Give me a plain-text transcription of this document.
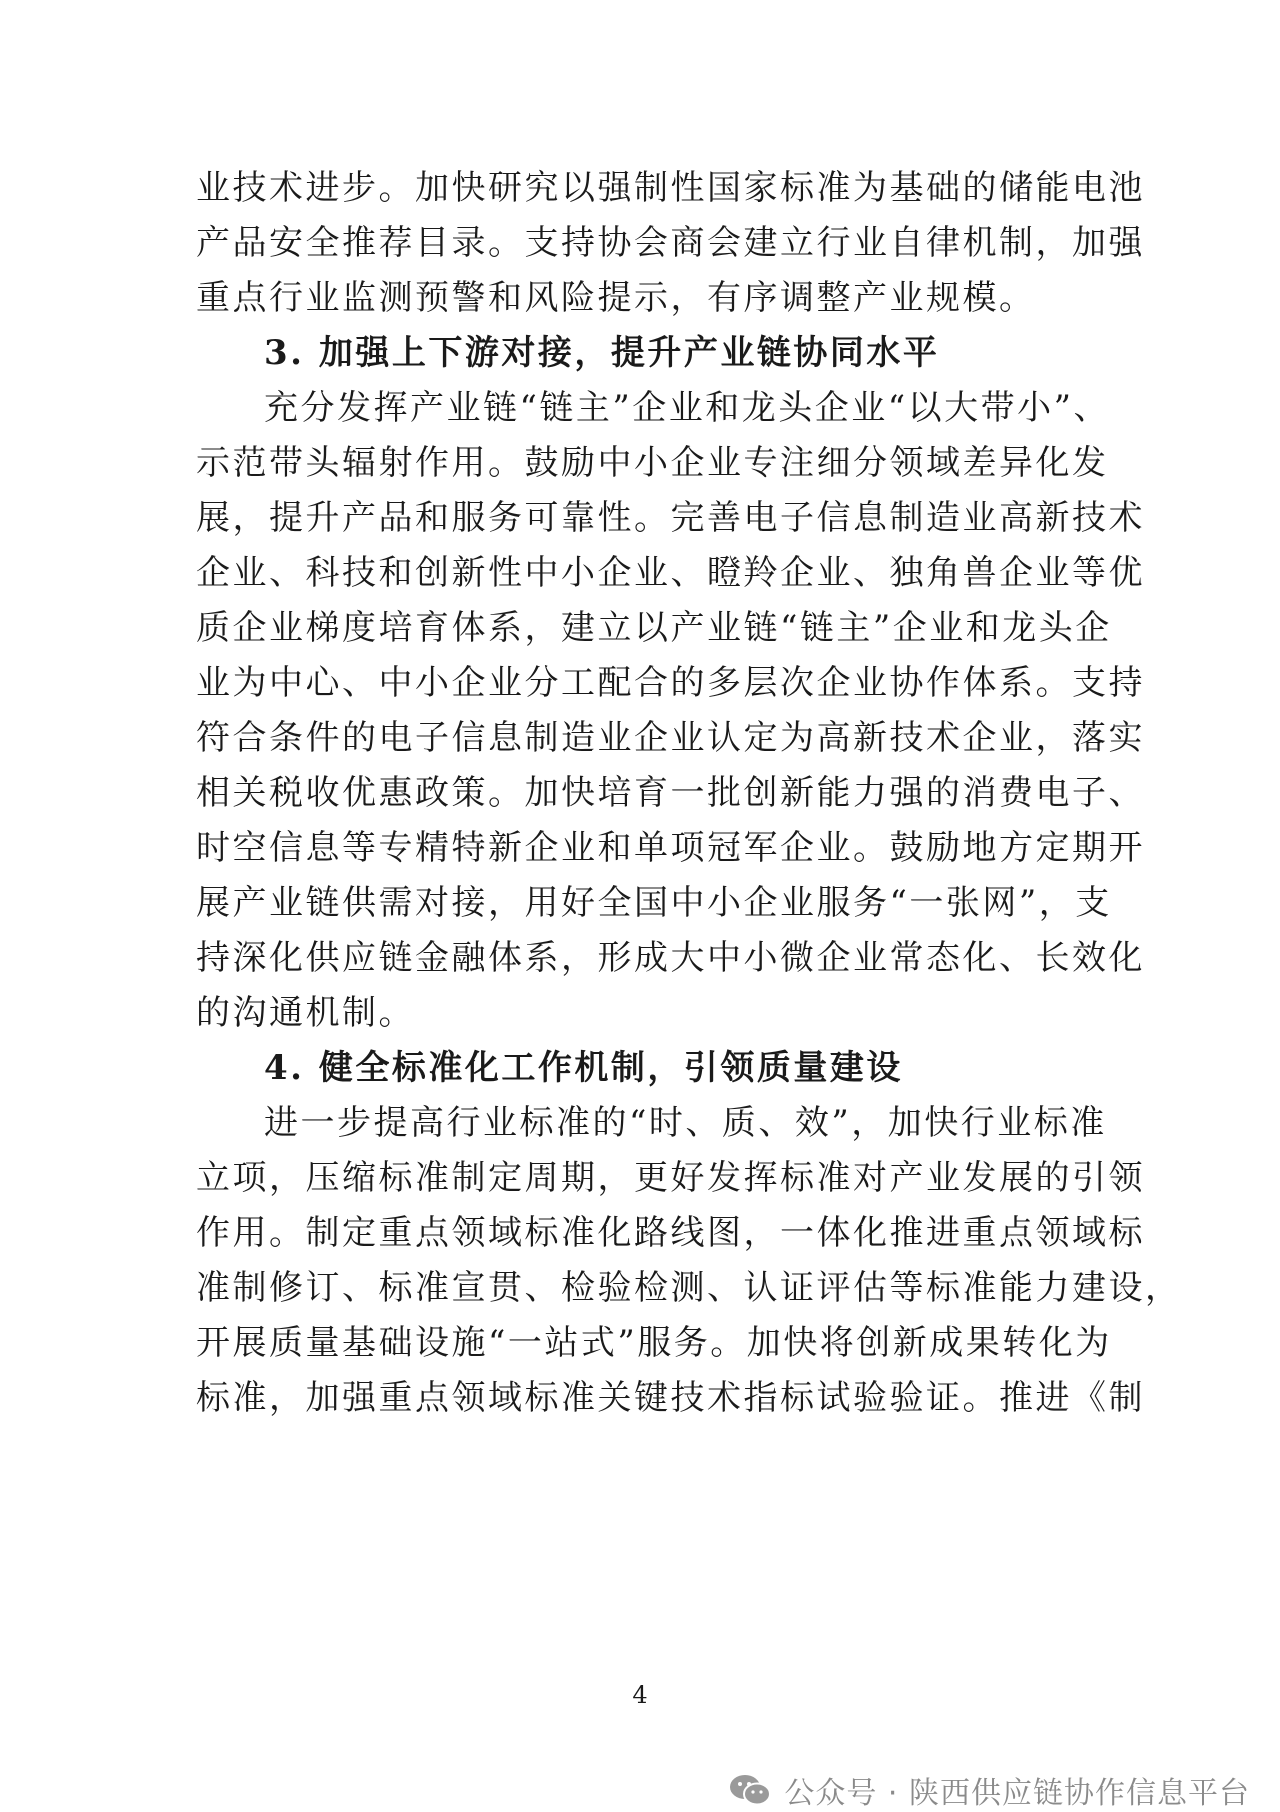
业技术进步。加快研究以强制性国家标准为基础的储能电池
产品安全推荐目录。支持协会商会建立行业自律机制，加强
重点行业监测预警和风险提示，有序调整产业规模。
3. 加强上下游对接，提升产业链协同水平
充分发挥产业链“链主”企业和龙头企业“以大带小”、
示范带头辐射作用。鼓励中小企业专注细分领域差异化发
展，提升产品和服务可靠性。完善电子信息制造业高新技术
企业、科技和创新性中小企业、瞪羚企业、独角兽企业等优
质企业梯度培育体系，建立以产业链“链主”企业和龙头企
业为中心、中小企业分工配合的多层次企业协作体系。支持
符合条件的电子信息制造业企业认定为高新技术企业，落实
相关税收优惠政策。加快培育一批创新能力强的消费电子、
时空信息等专精特新企业和单项冠军企业。鼓励地方定期开
展产业链供需对接，用好全国中小企业服务“一张网”，支
持深化供应链金融体系，形成大中小微企业常态化、长效化
的沟通机制。
4. 健全标准化工作机制，引领质量建设
进一步提高行业标准的“时、质、效”，加快行业标准
立项，压缩标准制定周期，更好发挥标准对产业发展的引领
作用。制定重点领域标准化路线图，一体化推进重点领域标
准制修订、标准宣贯、检验检测、认证评估等标准能力建设，
开展质量基础设施“一站式”服务。加快将创新成果转化为
标准，加强重点领域标准关键技术指标试验验证。推进《制
4
公众号 · 陕西供应链协作信息平台
